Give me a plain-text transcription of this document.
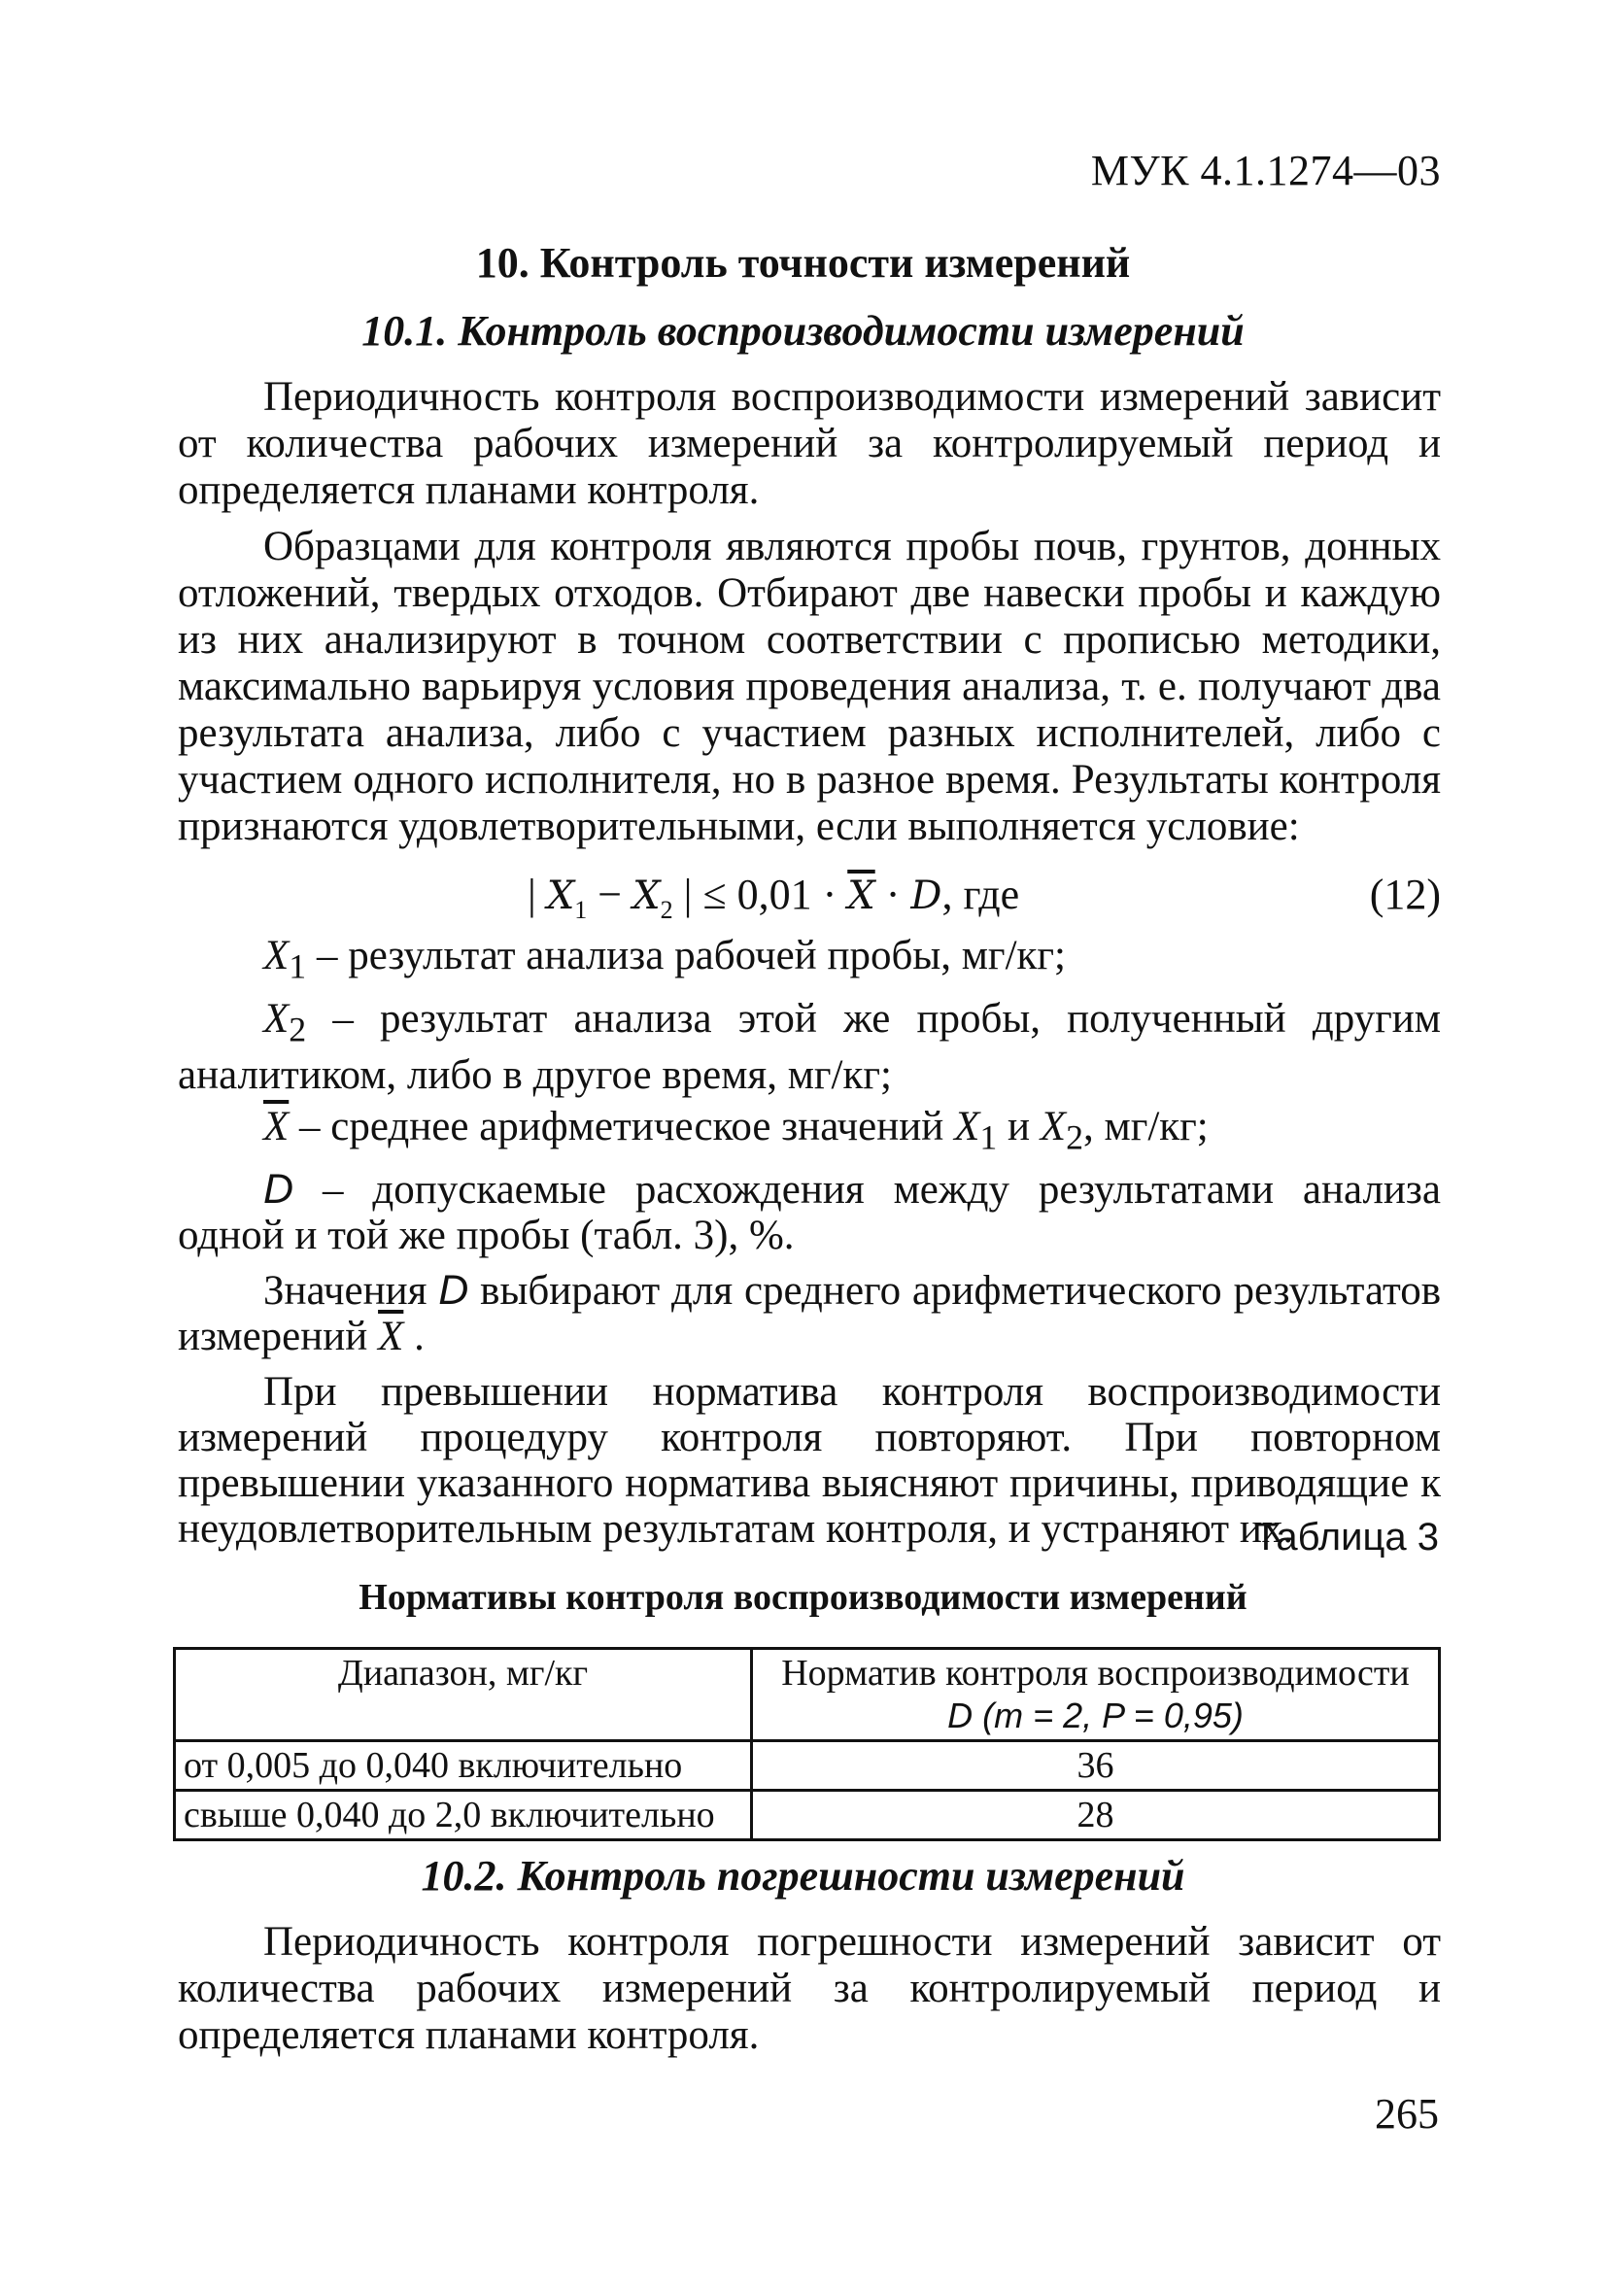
МУК 4.1.1274—03
10. Контроль точности измерений
10.1. Контроль воспроизводимости измерений

Периодичность контроля воспроизводимости измерений зависит от количества рабочих измерений за контролируемый период и определяется планами контроля.

Образцами для контроля являются пробы почв, грунтов, донных отложений, твердых отходов. Отбирают две навески пробы и каждую из них анализируют в точном соответствии с прописью методики, максимально варьируя условия проведения анализа, т. е. получают два результата анализа, либо с участием разных исполнителей, либо с участием одного исполнителя, но в разное время. Результаты контроля признаются удовлетворительными, если выполняется условие:

| $X_1 - X_2$ | ≤ $0,01 \cdot \overline{X} \cdot D$, где	(12)

$X_1$ – результат анализа рабочей пробы, мг/кг;

$X_2$ – результат анализа этой же пробы, полученный другим аналитиком, либо в другое время, мг/кг;

$\overline{X}$ – среднее арифметическое значений $X_1$ и $X_2$, мг/кг;

D – допускаемые расхождения между результатами анализа одной и той же пробы (табл. 3), %.

Значения D выбирают для среднего арифметического результатов измерений $\overline{X}$ .

При превышении норматива контроля воспроизводимости измерений процедуру контроля повторяют. При повторном превышении указанного норматива выясняют причины, приводящие к неудовлетворительным результатам контроля, и устраняют их.

Таблица 3
Нормативы контроля воспроизводимости измерений
Диапазон, мг/кг	Норматив контроля воспроизводимости
D (m = 2, P = 0,95)

от 0,005 до 0,040 включительно	36
свыше 0,040 до 2,0 включительно	28
10.2. Контроль погрешности измерений

Периодичность контроля погрешности измерений зависит от количества рабочих измерений за контролируемый период и определяется планами контроля.

265
